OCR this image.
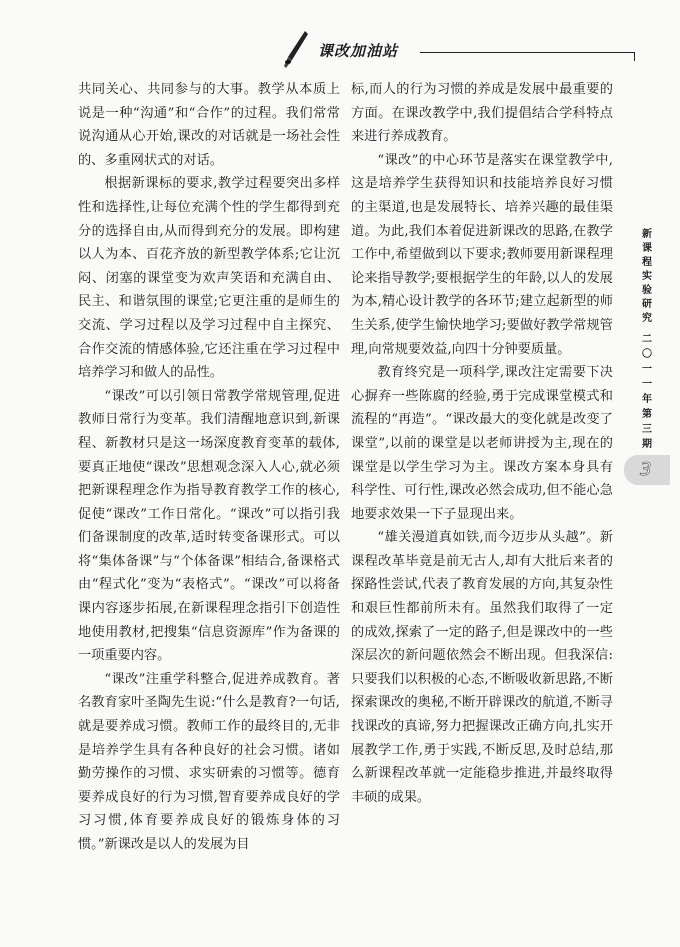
课改加油站

共同关心、共同参与的大事。教学从本质上说是一种“沟通”和“合作”的过程。我们常常说沟通从心开始,课改的对话就是一场社会性的、多重网状式的对话。

根据新课标的要求,教学过程要突出多样性和选择性,让每位充满个性的学生都得到充分的选择自由,从而得到充分的发展。即构建以人为本、百花齐放的新型教学体系;它让沉闷、闭塞的课堂变为欢声笑语和充满自由、民主、和谐氛围的课堂;它更注重的是师生的交流、学习过程以及学习过程中自主探究、合作交流的情感体验,它还注重在学习过程中培养学习和做人的品性。

“课改”可以引领日常教学常规管理,促进教师日常行为变革。我们清醒地意识到,新课程、新教材只是这一场深度教育变革的载体,要真正地使“课改”思想观念深入人心,就必须把新课程理念作为指导教育教学工作的核心,促使“课改”工作日常化。“课改”可以指引我们备课制度的改革,适时转变备课形式。可以将“集体备课”与“个体备课”相结合,备课格式由“程式化”变为“表格式”。“课改”可以将备课内容逐步拓展,在新课程理念指引下创造性地使用教材,把搜集“信息资源库”作为备课的一项重要内容。

“课改”注重学科整合,促进养成教育。著名教育家叶圣陶先生说:“什么是教育?一句话,就是要养成习惯。教师工作的最终目的,无非是培养学生具有各种良好的社会习惯。诸如勤劳操作的习惯、求实研索的习惯等。德育要养成良好的行为习惯,智育要养成良好的学习习惯,体育要养成良好的锻炼身体的习惯。”新课改是以人的发展为目

标,而人的行为习惯的养成是发展中最重要的方面。在课改教学中,我们提倡结合学科特点来进行养成教育。

“课改”的中心环节是落实在课堂教学中,这是培养学生获得知识和技能培养良好习惯的主渠道,也是发展特长、培养兴趣的最佳渠道。为此,我们本着促进新课改的思路,在教学工作中,希望做到以下要求;教师要用新课程理论来指导教学;要根据学生的年龄,以人的发展为本,精心设计教学的各环节;建立起新型的师生关系,使学生愉快地学习;要做好教学常规管理,向常规要效益,向四十分钟要质量。

教育终究是一项科学,课改注定需要下决心摒弃一些陈腐的经验,勇于完成课堂模式和流程的“再造”。“课改最大的变化就是改变了课堂”,以前的课堂是以老师讲授为主,现在的课堂是以学生学习为主。课改方案本身具有科学性、可行性,课改必然会成功,但不能心急地要求效果一下子显现出来。

“雄关漫道真如铁,而今迈步从头越”。新课程改革毕竟是前无古人,却有大批后来者的探路性尝试,代表了教育发展的方向,其复杂性和艰巨性都前所未有。虽然我们取得了一定的成效,探索了一定的路子,但是课改中的一些深层次的新问题依然会不断出现。但我深信:只要我们以积极的心态,不断吸收新思路,不断探索课改的奥秘,不断开辟课改的航道,不断寻找课改的真谛,努力把握课改正确方向,扎实开展教学工作,勇于实践,不断反思,及时总结,那么新课程改革就一定能稳步推进,并最终取得丰硕的成果。

新
课
程
实
验
研
究
二
〇
一
一
年
第
三
期
3
